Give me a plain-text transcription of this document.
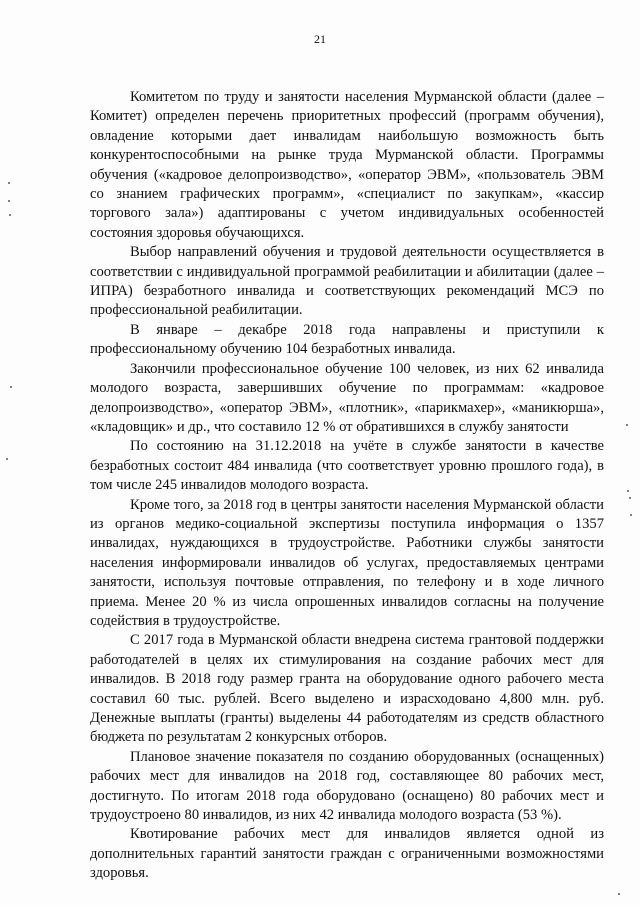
21

Комитетом по труду и занятости населения Мурманской области (далее – Комитет) определен перечень приоритетных профессий (программ обучения), овладение которыми дает инвалидам наибольшую возможность быть конкурентоспособными на рынке труда Мурманской области. Программы обучения («кадровое делопроизводство», «оператор ЭВМ», «пользователь ЭВМ со знанием графических программ», «специалист по закупкам», «кассир торгового зала») адаптированы с учетом индивидуальных особенностей состояния здоровья обучающихся.

Выбор направлений обучения и трудовой деятельности осуществляется в соответствии с индивидуальной программой реабилитации и абилитации (далее – ИПРА) безработного инвалида и соответствующих рекомендаций МСЭ по профессиональной реабилитации.

В январе – декабре 2018 года направлены и приступили к профессиональному обучению 104 безработных инвалида.

Закончили профессиональное обучение 100 человек, из них 62 инвалида молодого возраста, завершивших обучение по программам: «кадровое делопроизводство», «оператор ЭВМ», «плотник», «парикмахер», «маникюрша», «кладовщик» и др., что составило 12 % от обратившихся в службу занятости

По состоянию на 31.12.2018 на учёте в службе занятости в качестве безработных состоит 484 инвалида (что соответствует уровню прошлого года), в том числе 245 инвалидов молодого возраста.

Кроме того, за 2018 год в центры занятости населения Мурманской области из органов медико-социальной экспертизы поступила информация о 1357 инвалидах, нуждающихся в трудоустройстве. Работники службы занятости населения информировали инвалидов об услугах, предоставляемых центрами занятости, используя почтовые отправления, по телефону и в ходе личного приема. Менее 20 % из числа опрошенных инвалидов согласны на получение содействия в трудоустройстве.

С 2017 года в Мурманской области внедрена система грантовой поддержки работодателей в целях их стимулирования на создание рабочих мест для инвалидов. В 2018 году размер гранта на оборудование одного рабочего места составил 60 тыс. рублей. Всего выделено и израсходовано 4,800 млн. руб. Денежные выплаты (гранты) выделены 44 работодателям из средств областного бюджета по результатам 2 конкурсных отборов.

Плановое значение показателя по созданию оборудованных (оснащенных) рабочих мест для инвалидов на 2018 год, составляющее 80 рабочих мест, достигнуто. По итогам 2018 года оборудовано (оснащено) 80 рабочих мест и трудоустроено 80 инвалидов, из них 42 инвалида молодого возраста (53 %).

Квотирование рабочих мест для инвалидов является одной из дополнительных гарантий занятости граждан с ограниченными возможностями здоровья.
